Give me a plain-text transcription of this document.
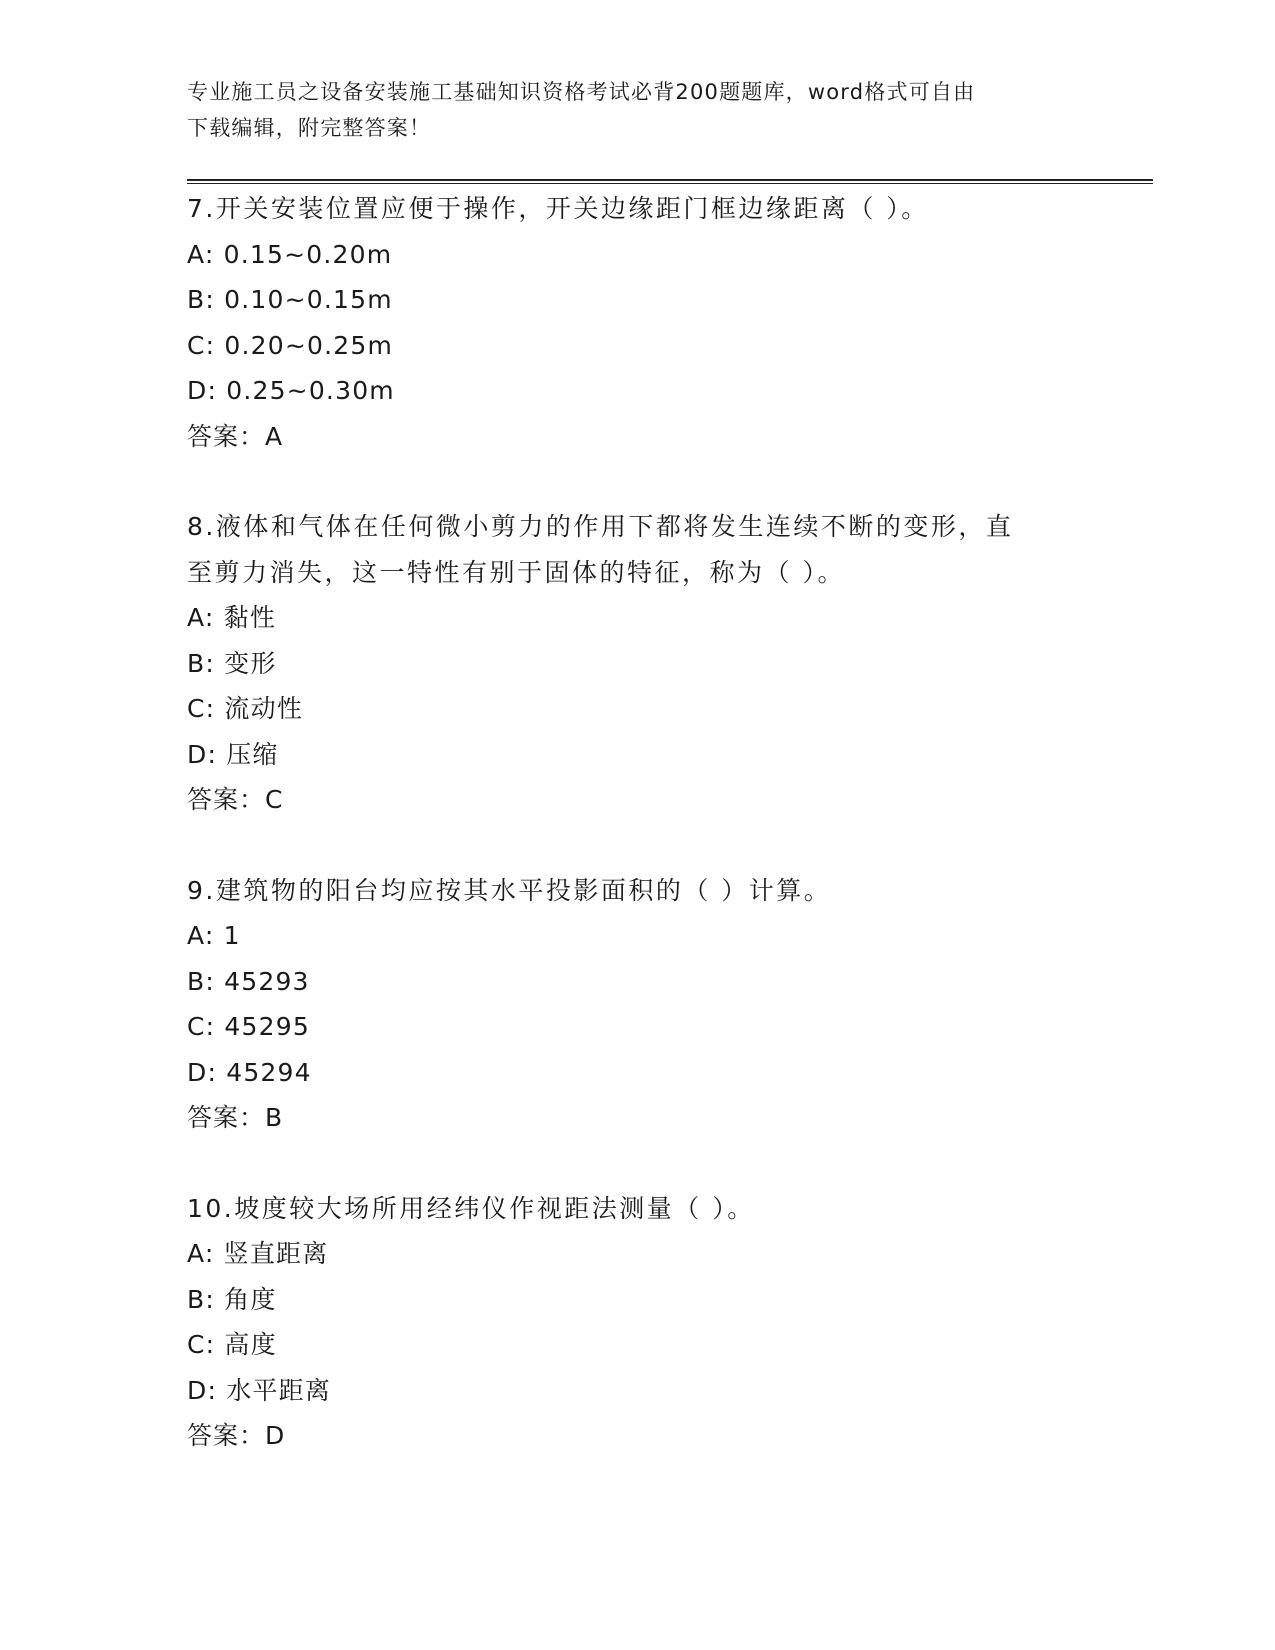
专业施工员之设备安装施工基础知识资格考试必背200题题库，word格式可自由
下载编辑，附完整答案！
7.开关安装位置应便于操作，开关边缘距门框边缘距离（ ）。
A: 0.15~0.20m
B: 0.10~0.15m
C: 0.20~0.25m
D: 0.25~0.30m
答案：A
8.液体和气体在任何微小剪力的作用下都将发生连续不断的变形，直
至剪力消失，这一特性有别于固体的特征，称为（ ）。
A: 黏性
B: 变形
C: 流动性
D: 压缩
答案：C
9.建筑物的阳台均应按其水平投影面积的（ ）计算。
A: 1
B: 45293
C: 45295
D: 45294
答案：B
10.坡度较大场所用经纬仪作视距法测量（ ）。
A: 竖直距离
B: 角度
C: 高度
D: 水平距离
答案：D
